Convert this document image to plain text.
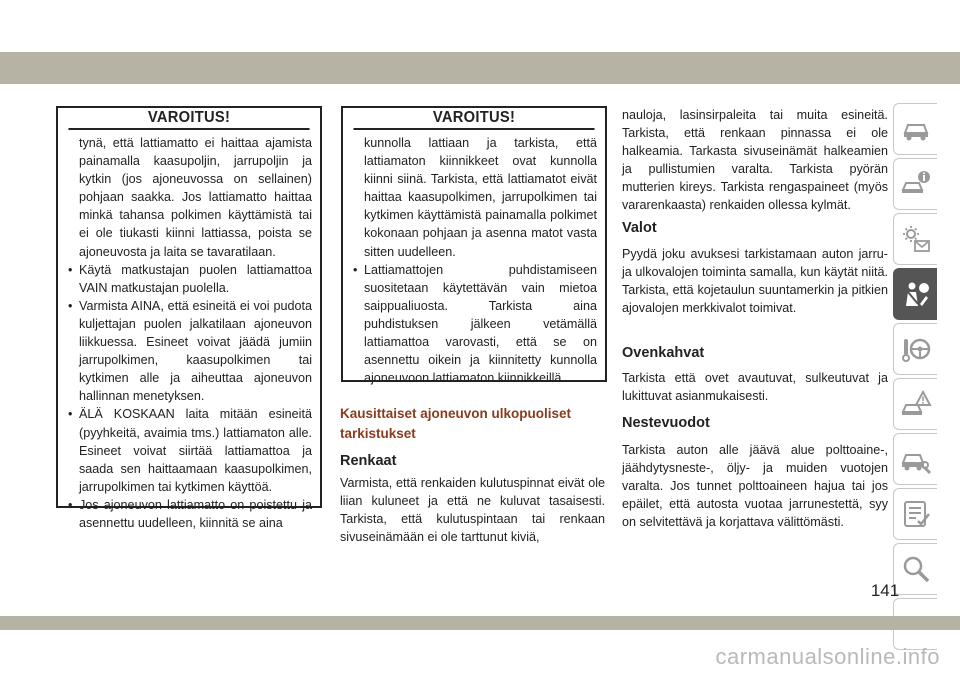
VAROITUS!

tynä, että lattiamatto ei haittaa ajamista painamalla kaasupoljin, jarrupoljin ja kytkin (jos ajoneuvossa on sellainen) pohjaan saakka. Jos lattiamatto haittaa minkä tahansa polkimen käyttämistä tai ei ole tiukasti kiinni lattiassa, poista se ajoneuvosta ja laita se tavaratilaan.

• Käytä matkustajan puolen lattiamattoa VAIN matkustajan puolella.
• Varmista AINA, että esineitä ei voi pudota kuljettajan puolen jalkatilaan ajoneuvon liikkuessa. Esineet voivat jäädä jumiin jarrupolkimen, kaasupolkimen tai kytkimen alle ja aiheuttaa ajoneuvon hallinnan menetyksen.
• ÄLÄ KOSKAAN laita mitään esineitä (pyyhkeitä, avaimia tms.) lattiamaton alle. Esineet voivat siirtää lattiamattoa ja saada sen haittaamaan kaasupolkimen, jarrupolkimen tai kytkimen käyttöä.
• Jos ajoneuvon lattiamatto on poistettu ja asennettu uudelleen, kiinnitä se aina
VAROITUS!

kunnolla lattiaan ja tarkista, että lattiamaton kiinnikkeet ovat kunnolla kiinni siinä. Tarkista, että lattiamatot eivät haittaa kaasupolkimen, jarrupolkimen tai kytkimen käyttämistä painamalla polkimet kokonaan pohjaan ja asenna matot vasta sitten uudelleen.

• Lattiamattojen puhdistamiseen suositetaan käytettävän vain mietoa saippualiuosta. Tarkista aina puhdistuksen jälkeen vetämällä lattiamattoa varovasti, että se on asennettu oikein ja kiinnitetty kunnolla ajoneuvoon lattiamaton kiinnikkeillä.
Kausittaiset ajoneuvon ulkopuoliset tarkistukset
Renkaat
Varmista, että renkaiden kulutuspinnat eivät ole liian kuluneet ja että ne kuluvat tasaisesti. Tarkista, että kulutuspintaan tai renkaan sivuseinämään ei ole tarttunut kiviä,
nauloja, lasinsirpaleita tai muita esineitä. Tarkista, että renkaan pinnassa ei ole halkeamia. Tarkasta sivuseinämät halkeamien ja pullistumien varalta. Tarkista pyörän mutterien kireys. Tarkista rengaspaineet (myös vararenkaasta) renkaiden ollessa kylmät.
Valot
Pyydä joku avuksesi tarkistamaan auton jarru- ja ulkovalojen toiminta samalla, kun käytät niitä. Tarkista, että kojetaulun suuntamerkin ja pitkien ajovalojen merkkivalot toimivat.
Ovenkahvat
Tarkista että ovet avautuvat, sulkeutuvat ja lukittuvat asianmukaisesti.
Nestevuodot
Tarkista auton alle jäävä alue polttoaine-, jäähdytysneste-, öljy- ja muiden vuotojen varalta. Jos tunnet polttoaineen hajua tai jos epäilet, että autosta vuotaa jarrunestettä, syy on selvitettävä ja korjattava välittömästi.
141
carmanualsonline.info
